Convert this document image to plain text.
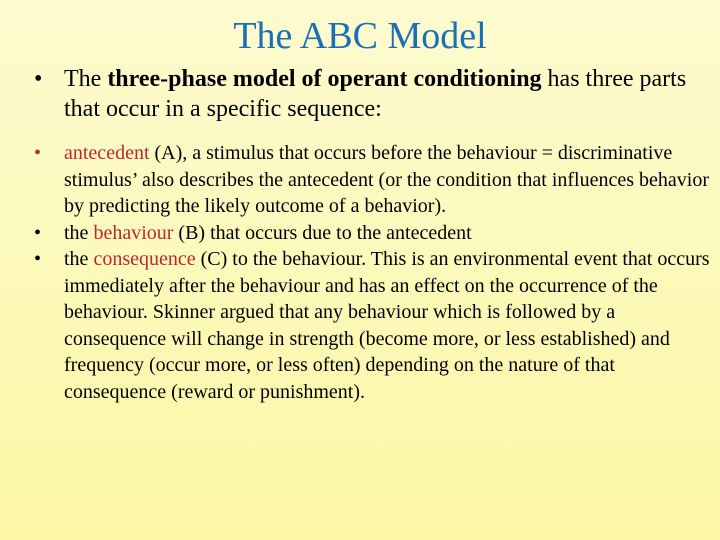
The ABC Model
• The three-phase model of operant conditioning has three parts that occur in a specific sequence:
• antecedent (A), a stimulus that occurs before the behaviour = discriminative stimulus’ also describes the antecedent (or the condition that influences behavior by predicting the likely outcome of a behavior).
• the behaviour (B) that occurs due to the antecedent
• the consequence (C) to the behaviour. This is an environmental event that occurs immediately after the behaviour and has an effect on the occurrence of the behaviour. Skinner argued that any behaviour which is followed by a consequence will change in strength (become more, or less established) and frequency (occur more, or less often) depending on the nature of that consequence (reward or punishment).
